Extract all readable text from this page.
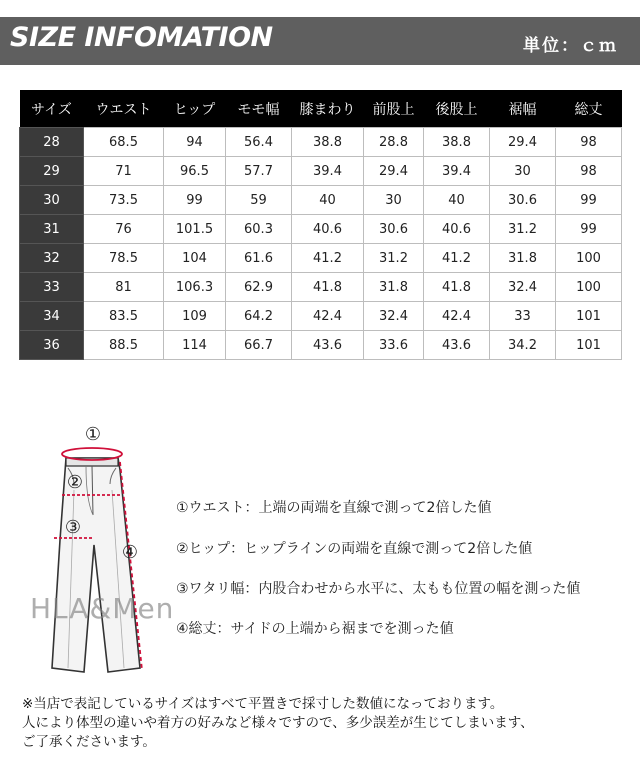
SIZE INFOMATION	単位：ｃｍ
サイズ	ウエスト	ヒップ	モモ幅	膝まわり	前股上	後股上	裾幅	総丈
28	68.5	94	56.4	38.8	28.8	38.8	29.4	98
29	71	96.5	57.7	39.4	29.4	39.4	30	98
30	73.5	99	59	40	30	40	30.6	99
31	76	101.5	60.3	40.6	30.6	40.6	31.2	99
32	78.5	104	61.6	41.2	31.2	41.2	31.8	100
33	81	106.3	62.9	41.8	31.8	41.8	32.4	100
34	83.5	109	64.2	42.4	32.4	42.4	33	101
36	88.5	114	66.7	43.6	33.6	43.6	34.2	101
①
②
③
④
HLA&Men
①ウエスト：上端の両端を直線で測って2倍した値
②ヒップ：ヒップラインの両端を直線で測って2倍した値
③ワタリ幅：内股合わせから水平に、太もも位置の幅を測った値
④総丈：サイドの上端から裾までを測った値
※当店で表記しているサイズはすべて平置きで採寸した数値になっております。
人により体型の違いや着方の好みなど様々ですので、多少誤差が生じてしまいます、
ご了承くださいます。
